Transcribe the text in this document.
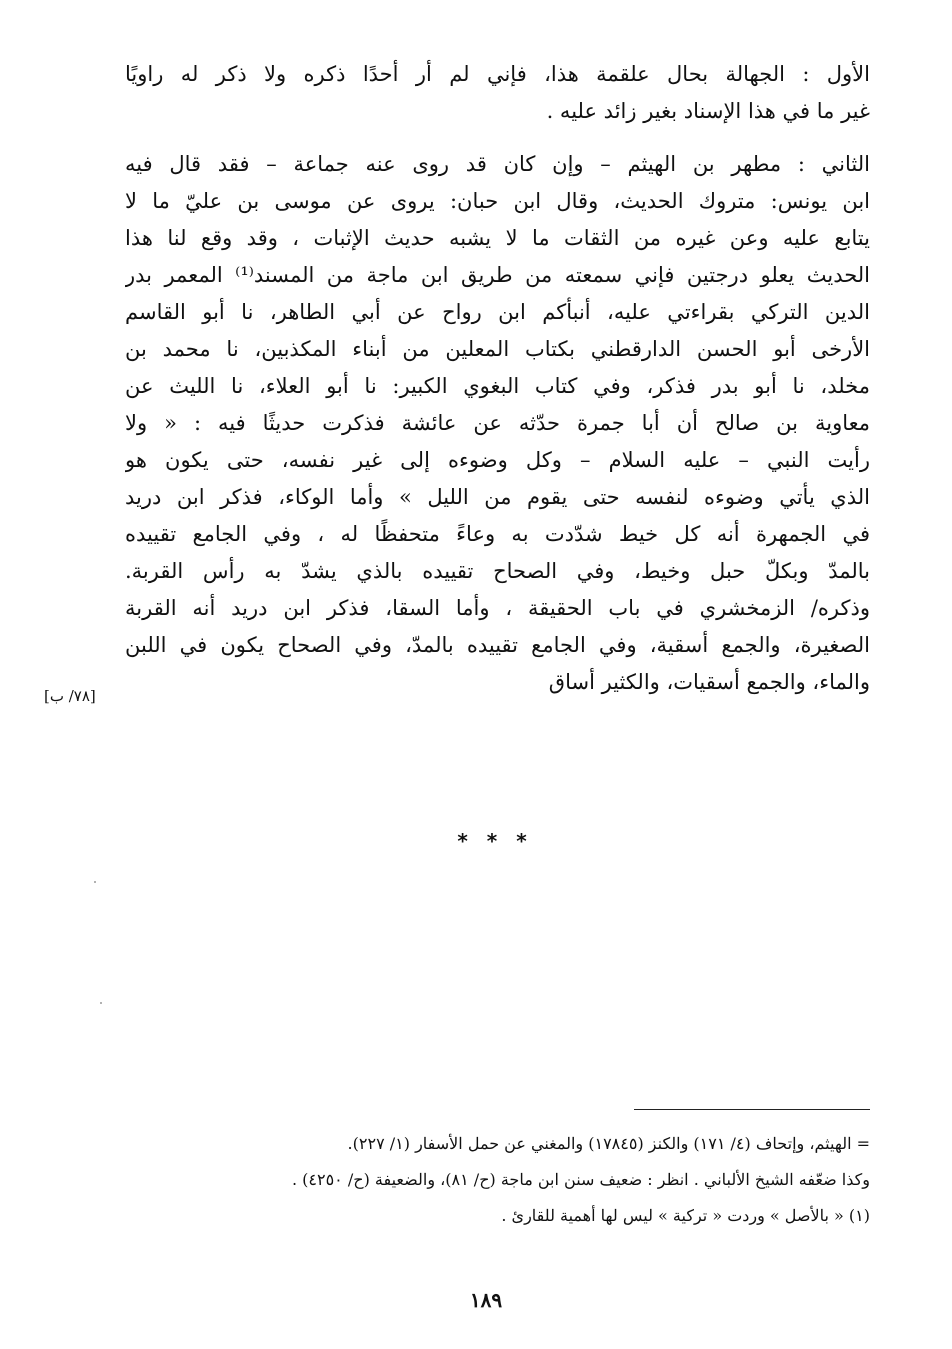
الأول : الجهالة بحال علقمة هذا، فإني لم أر أحدًا ذكره ولا ذكر له راويًا
غير ما في هذا الإسناد بغير زائد عليه .
الثاني : مطهر بن الهيثم – وإن كان قد روى عنه جماعة – فقد قال فيه
ابن يونس: متروك الحديث، وقال ابن حبان: يروى عن موسى بن عليّ ما لا
يتابع عليه وعن غيره من الثقات ما لا يشبه حديث الإثبات ، وقد وقع لنا هذا
الحديث يعلو درجتين فإني سمعته من طريق ابن ماجة من المسند⁽¹⁾ المعمر بدر
الدين التركي بقراءتي عليه، أنبأكم ابن رواح عن أبي الطاهر، نا أبو القاسم
الأرخى أبو الحسن الدارقطني بكتاب المعلين من أبناء المكذبين، نا محمد بن
مخلد، نا أبو بدر فذكر، وفي كتاب البغوي الكبير: نا أبو العلاء، نا الليث عن
معاوية بن صالح أن أبا جمرة حدّثه عن عائشة فذكرت حديثًا فيه : « ولا
رأيت النبي – عليه السلام – وكل وضوءه إلى غير نفسه، حتى يكون هو
الذي يأتي وضوءه لنفسه حتى يقوم من الليل » وأما الوكاء، فذكر ابن دريد
في الجمهرة أنه كل خيط شدّدت به وعاءً متحفظًا له ، وفي الجامع تقييده
بالمدّ وبكلّ حبل وخيط، وفي الصحاح تقييده بالذي يشدّ به رأس القربة.
وذكره/ الزمخشري في باب الحقيقة ، وأما السقا، فذكر ابن دريد أنه القربة
الصغيرة، والجمع أسقية، وفي الجامع تقييده بالمدّ، وفي الصحاح يكون في اللبن
والماء، والجمع أسقيات، والكثير أساق
[٧٨/ ب]
* * *
= الهيثم، وإتحاف (٤/ ١٧١) والكنز (١٧٨٤٥) والمغني عن حمل الأسفار (١/ ٢٢٧).
وكذا ضعّفه الشيخ الألباني . انظر : ضعيف سنن ابن ماجة (ح/ ٨١)، والضعيفة (ح/ ٤٢٥٠) .
(١) « بالأصل » وردت « تركية » ليس لها أهمية للقارئ .
١٨٩
